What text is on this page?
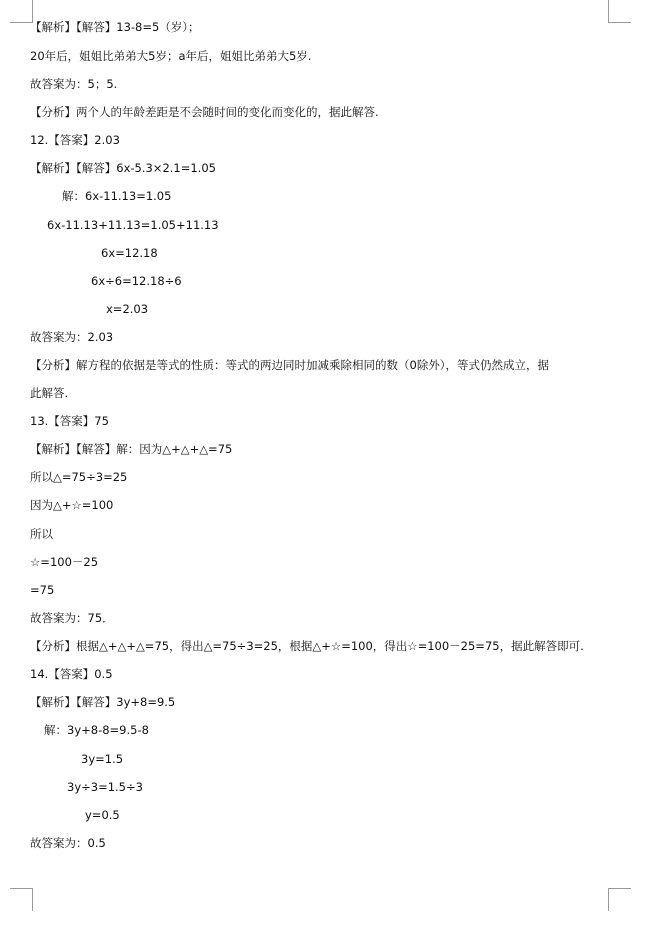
【解析】【解答】13-8=5（岁）；

20年后，姐姐比弟弟大5岁；a年后，姐姐比弟弟大5岁.

故答案为：5；5.

【分析】两个人的年龄差距是不会随时间的变化而变化的，据此解答.

12.【答案】2.03

【解析】【解答】6x-5.3×2.1=1.05

解：6x-11.13=1.05

6x-11.13+11.13=1.05+11.13

6x=12.18

6x÷6=12.18÷6

x=2.03

故答案为：2.03

【分析】解方程的依据是等式的性质：等式的两边同时加减乘除相同的数（0除外），等式仍然成立，据

此解答.

13.【答案】75

【解析】【解答】解：因为△+△+△=75

所以△=75÷3=25

因为△+☆=100

所以

☆=100－25

=75

故答案为：75．

【分析】根据△+△+△=75，得出△=75÷3=25，根据△+☆=100，得出☆=100－25=75，据此解答即可.

14.【答案】0.5

【解析】【解答】3y+8=9.5

解：3y+8-8=9.5-8

3y=1.5

3y÷3=1.5÷3

y=0.5

故答案为：0.5
